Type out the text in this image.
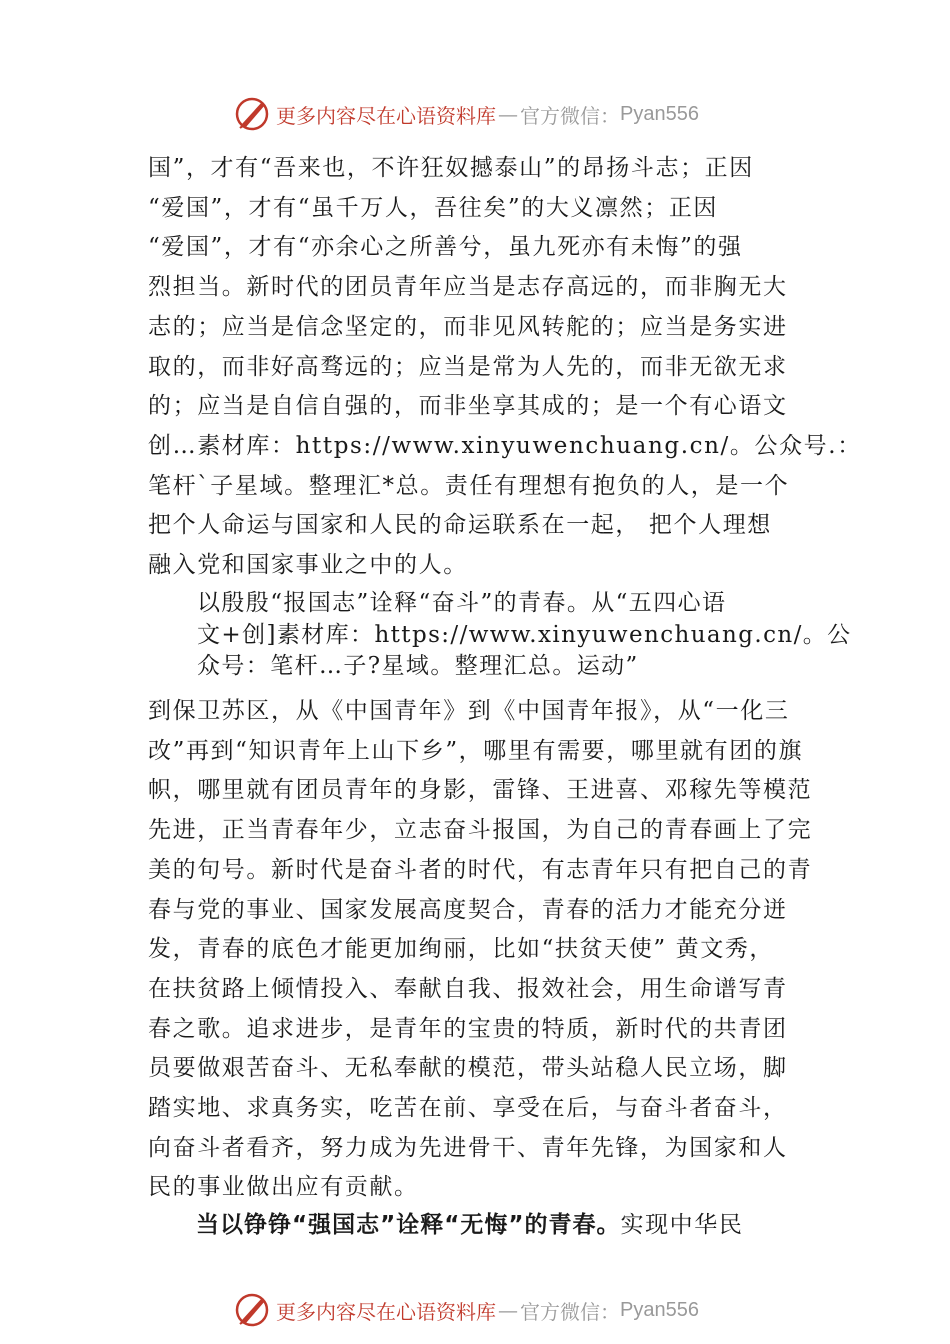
更多内容尽在心语资料库 — 官方微信： Pyan556
国”，才有“吾来也，不许狂奴撼泰山”的昂扬斗志；正因
“爱国”，才有“虽千万人，吾往矣”的大义凛然；正因
“爱国”，才有“亦余心之所善兮，虽九死亦有未悔”的强
烈担当。新时代的团员青年应当是志存高远的，而非胸无大
志的；应当是信念坚定的，而非见风转舵的；应当是务实进
取的，而非好高骛远的；应当是常为人先的，而非无欲无求
的；应当是自信自强的，而非坐享其成的；是一个有心语文
创…素材库：https://www.xinyuwenchuang.cn/。公众号.：
笔杆`子星域。整理汇*总。责任有理想有抱负的人，是一个
把个人命运与国家和人民的命运联系在一起， 把个人理想
融入党和国家事业之中的人。
以殷殷“报国志”诠释“奋斗”的青春。从“五四心语
文+创]素材库：https://www.xinyuwenchuang.cn/。公
众号：笔杆…子?星域。整理汇总。运动”
到保卫苏区，从《中国青年》到《中国青年报》，从“一化三
改”再到“知识青年上山下乡”，哪里有需要，哪里就有团的旗
帜，哪里就有团员青年的身影，雷锋、王进喜、邓稼先等模范
先进，正当青春年少，立志奋斗报国，为自己的青春画上了完
美的句号。新时代是奋斗者的时代，有志青年只有把自己的青
春与党的事业、国家发展高度契合，青春的活力才能充分迸
发，青春的底色才能更加绚丽，比如“扶贫天使” 黄文秀，
在扶贫路上倾情投入、奉献自我、报效社会，用生命谱写青
春之歌。追求进步，是青年的宝贵的特质，新时代的共青团
员要做艰苦奋斗、无私奉献的模范，带头站稳人民立场，脚
踏实地、求真务实，吃苦在前、享受在后，与奋斗者奋斗，
向奋斗者看齐，努力成为先进骨干、青年先锋，为国家和人
民的事业做出应有贡献。
当以铮铮“强国志”诠释“无悔”的青春。实现中华民
更多内容尽在心语资料库 — 官方微信： Pyan556
